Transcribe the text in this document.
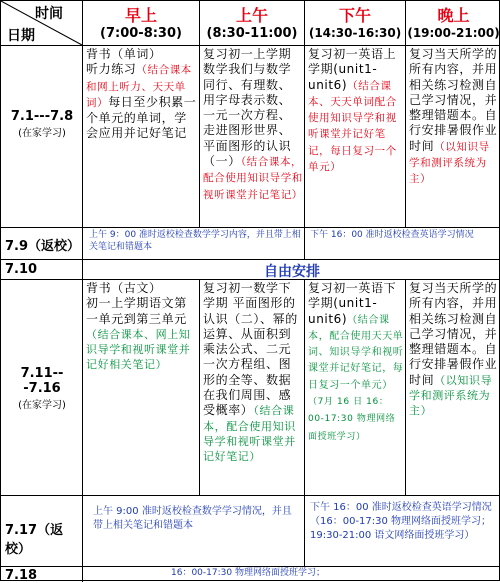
时间
日期
早上
(7:00-8:30)
上午
(8:30-11:00)
下午
(14:30-16:30)
晚上
(19:00-21:00)
7.1---7.8
(在家学习)
背书（单词）
听力练习（结合课本和网上听力、天天单词）每日至少积累一个单元的单词，学会应用并记好笔记
复习初一上学期数学我们与数学同行、有理数、用字母表示数、一元一次方程、走进图形世界、平面图形的认识（一）（结合课本，配合使用知识导学和视听课堂并记笔记）
复习初一英语上学期(unit1-unit6)（结合课本、天天单词配合使用知识导学和视听课堂并记好笔记，每日复习一个单元）
复习当天所学的所有内容，并用相关练习检测自己学习情况，并整理错题本。自行安排暑假作业时间（以知识导学和测评系统为主）
7.9（返校）
上午 9：00 准时返校检查数学学习内容，并且带上相关笔记和错题本
下午 16：00 准时返校检查英语学习情况
7.10	自由安排
7.11---7.16
(在家学习)
背书（古文）
初一上学期语文第一单元到第三单元（结合课本、网上知识导学和视听课堂并记好相关笔记）
复习初一数学下学期 平面图形的认识（二）、幂的运算、从面积到乘法公式、二元一次方程组、图形的全等、数据在我们周围、感受概率）（结合课本，配合使用知识导学和视听课堂并记好笔记）
复习初一英语下学期(unit1-unit6)（结合课本，配合使用天天单词、知识导学和视听课堂并记好笔记，每日复习一个单元）（7月 16 日 16：00-17:30 物理网络面授班学习）
复习当天所学的所有内容，并用相关练习检测自己学习情况，并整理错题本。自行安排暑假作业时间（以知识导学和测评系统为主）
7.17（返校）
上午 9:00 准时返校检查数学学习情况，并且带上相关笔记和错题本
下午 16：00 准时返校检查英语学习情况
（16：00-17:30 物理网络面授班学习；
19:30-21:00 语文网络面授班学习）
7.18	16：00-17:30 物理网络面授班学习；
